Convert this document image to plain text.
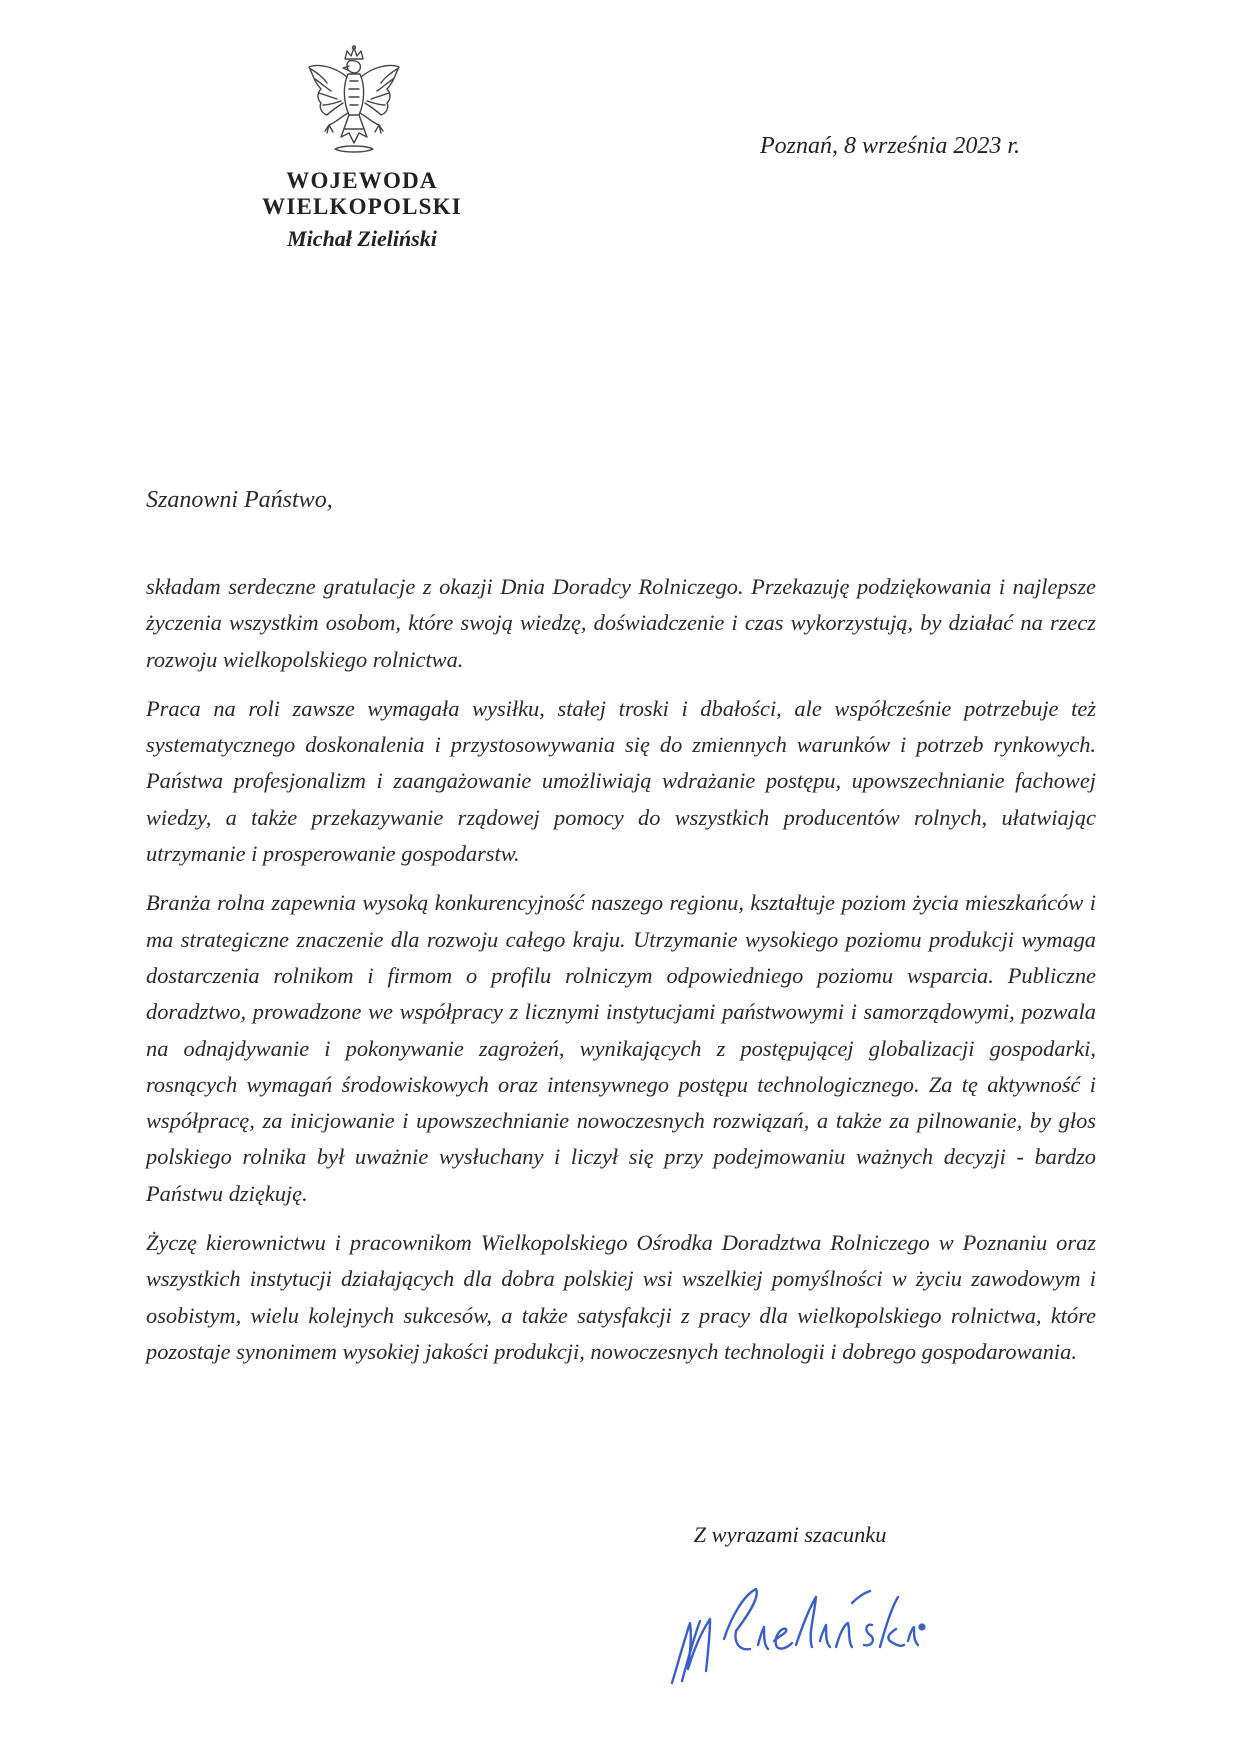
WOJEWODA WIELKOPOLSKI
Michał Zieliński
Poznań, 8 września 2023 r.
Szanowni Państwo,

składam serdeczne gratulacje z okazji Dnia Doradcy Rolniczego. Przekazuję podziękowania i najlepsze życzenia wszystkim osobom, które swoją wiedzę, doświadczenie i czas wykorzystują, by działać na rzecz rozwoju wielkopolskiego rolnictwa.

Praca na roli zawsze wymagała wysiłku, stałej troski i dbałości, ale współcześnie potrzebuje też systematycznego doskonalenia i przystosowywania się do zmiennych warunków i potrzeb rynkowych. Państwa profesjonalizm i zaangażowanie umożliwiają wdrażanie postępu, upowszechnianie fachowej wiedzy, a także przekazywanie rządowej pomocy do wszystkich producentów rolnych, ułatwiając utrzymanie i prosperowanie gospodarstw.

Branża rolna zapewnia wysoką konkurencyjność naszego regionu, kształtuje poziom życia mieszkańców i ma strategiczne znaczenie dla rozwoju całego kraju. Utrzymanie wysokiego poziomu produkcji wymaga dostarczenia rolnikom i firmom o profilu rolniczym odpowiedniego poziomu wsparcia. Publiczne doradztwo, prowadzone we współpracy z licznymi instytucjami państwowymi i samorządowymi, pozwala na odnajdywanie i pokonywanie zagrożeń, wynikających z postępującej globalizacji gospodarki, rosnących wymagań środowiskowych oraz intensywnego postępu technologicznego. Za tę aktywność i współpracę, za inicjowanie i upowszechnianie nowoczesnych rozwiązań, a także za pilnowanie, by głos polskiego rolnika był uważnie wysłuchany i liczył się przy podejmowaniu ważnych decyzji - bardzo Państwu dziękuję.

Życzę kierownictwu i pracownikom Wielkopolskiego Ośrodka Doradztwa Rolniczego w Poznaniu oraz wszystkich instytucji działających dla dobra polskiej wsi wszelkiej pomyślności w życiu zawodowym i osobistym, wielu kolejnych sukcesów, a także satysfakcji z pracy dla wielkopolskiego rolnictwa, które pozostaje synonimem wysokiej jakości produkcji, nowoczesnych technologii i dobrego gospodarowania.

Z wyrazami szacunku
